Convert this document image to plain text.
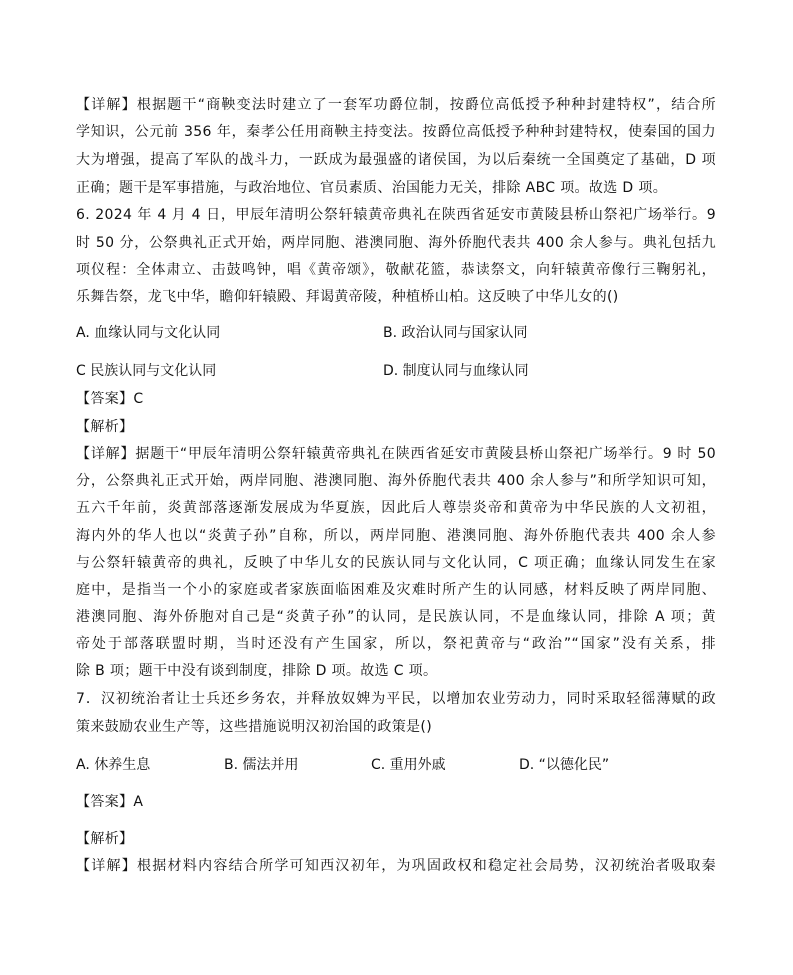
【详解】根据题干“商鞅变法时建立了一套军功爵位制，按爵位高低授予种种封建特权”，结合所
学知识，公元前 356 年，秦孝公任用商鞅主持变法。按爵位高低授予种种封建特权，使秦国的国力
大为增强，提高了军队的战斗力，一跃成为最强盛的诸侯国，为以后秦统一全国奠定了基础，D 项
正确；题干是军事措施，与政治地位、官员素质、治国能力无关，排除 ABC 项。故选 D 项。
6. 2024 年 4 月 4 日，甲辰年清明公祭轩辕黄帝典礼在陕西省延安市黄陵县桥山祭祀广场举行。9
时 50 分，公祭典礼正式开始，两岸同胞、港澳同胞、海外侨胞代表共 400 余人参与。典礼包括九
项仪程：全体肃立、击鼓鸣钟，唱《黄帝颂》，敬献花篮，恭读祭文，向轩辕黄帝像行三鞠躬礼，
乐舞告祭，龙飞中华，瞻仰轩辕殿、拜谒黄帝陵，种植桥山柏。这反映了中华儿女的()
A. 血缘认同与文化认同	B. 政治认同与国家认同
C 民族认同与文化认同	D. 制度认同与血缘认同
【答案】C
【解析】
【详解】据题干“甲辰年清明公祭轩辕黄帝典礼在陕西省延安市黄陵县桥山祭祀广场举行。9 时 50
分，公祭典礼正式开始，两岸同胞、港澳同胞、海外侨胞代表共 400 余人参与”和所学知识可知，
五六千年前，炎黄部落逐渐发展成为华夏族，因此后人尊崇炎帝和黄帝为中华民族的人文初祖，
海内外的华人也以“炎黄子孙”自称，所以，两岸同胞、港澳同胞、海外侨胞代表共 400 余人参
与公祭轩辕黄帝的典礼，反映了中华儿女的民族认同与文化认同，C 项正确；血缘认同发生在家
庭中，是指当一个小的家庭或者家族面临困难及灾难时所产生的认同感，材料反映了两岸同胞、
港澳同胞、海外侨胞对自己是“炎黄子孙”的认同，是民族认同，不是血缘认同，排除 A 项；黄
帝处于部落联盟时期，当时还没有产生国家，所以，祭祀黄帝与“政治”“国家”没有关系，排
除 B 项；题干中没有谈到制度，排除 D 项。故选 C 项。
7．汉初统治者让士兵还乡务农，并释放奴婢为平民，以增加农业劳动力，同时采取轻徭薄赋的政
策来鼓励农业生产等，这些措施说明汉初治国的政策是()
A. 休养生息	B. 儒法并用	C. 重用外戚	D. “以德化民”
【答案】A
【解析】
【详解】根据材料内容结合所学可知西汉初年，为巩固政权和稳定社会局势，汉初统治者吸取秦
